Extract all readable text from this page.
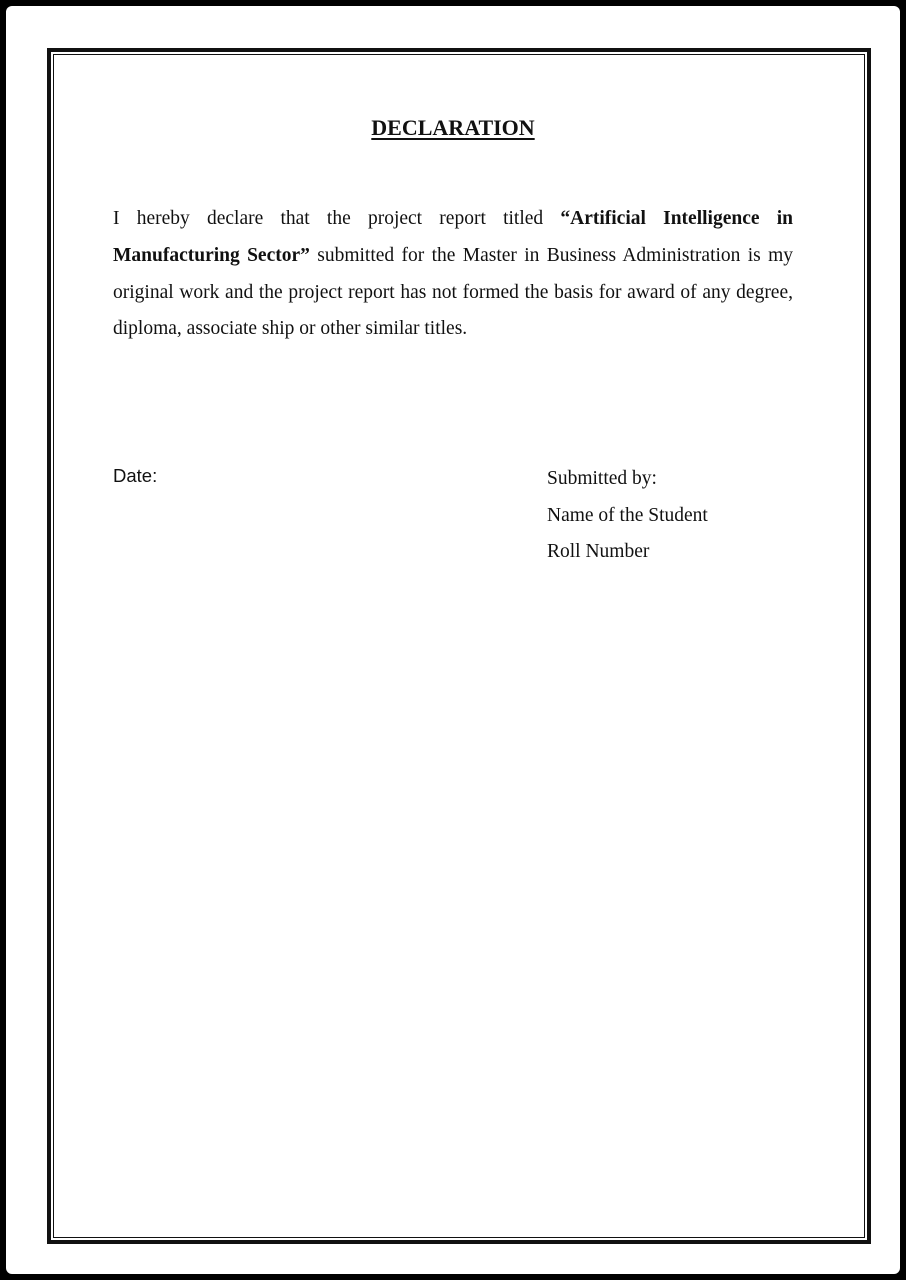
DECLARATION

I hereby declare that the project report titled “Artificial Intelligence in Manufacturing Sector” submitted for the Master in Business Administration is my original work and the project report has not formed the basis for award of any degree, diploma, associate ship or other similar titles.

Date:	Submitted by:
Name of the Student
Roll Number
